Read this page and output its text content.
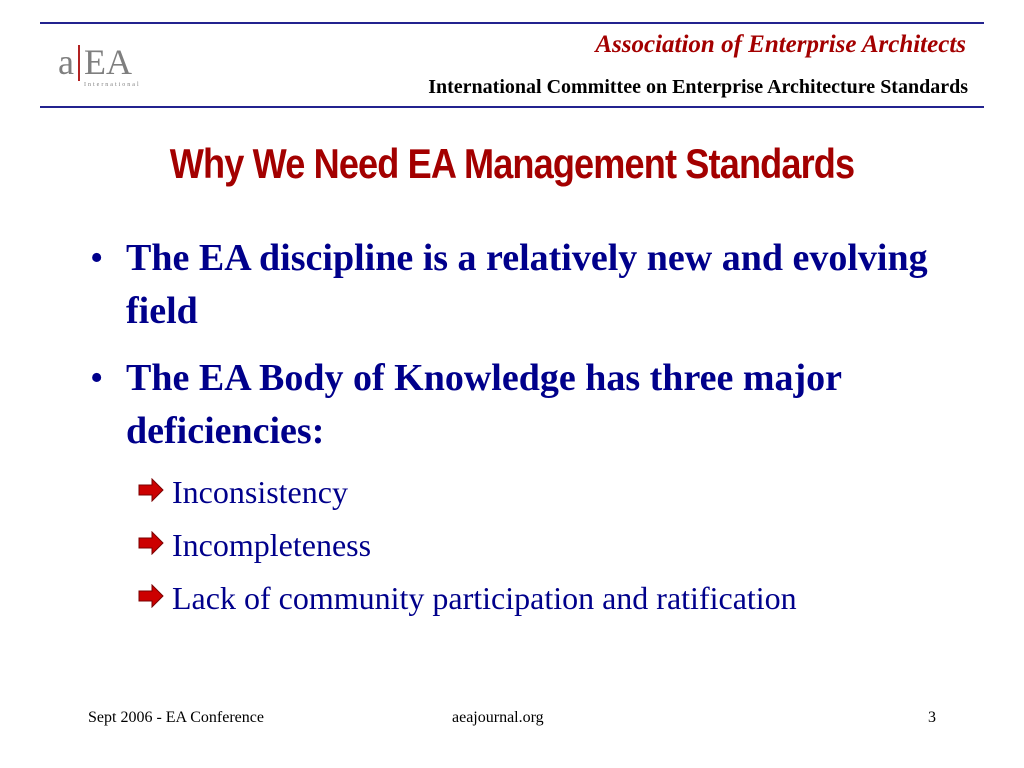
a EA
International
Association of Enterprise Architects
International Committee on Enterprise Architecture Standards
Why We Need EA Management Standards
• The EA discipline is a relatively new and evolving field
• The EA Body of Knowledge has three major deficiencies:
Inconsistency
Incompleteness
Lack of community participation and ratification
Sept 2006 - EA Conference	aeajournal.org	3
